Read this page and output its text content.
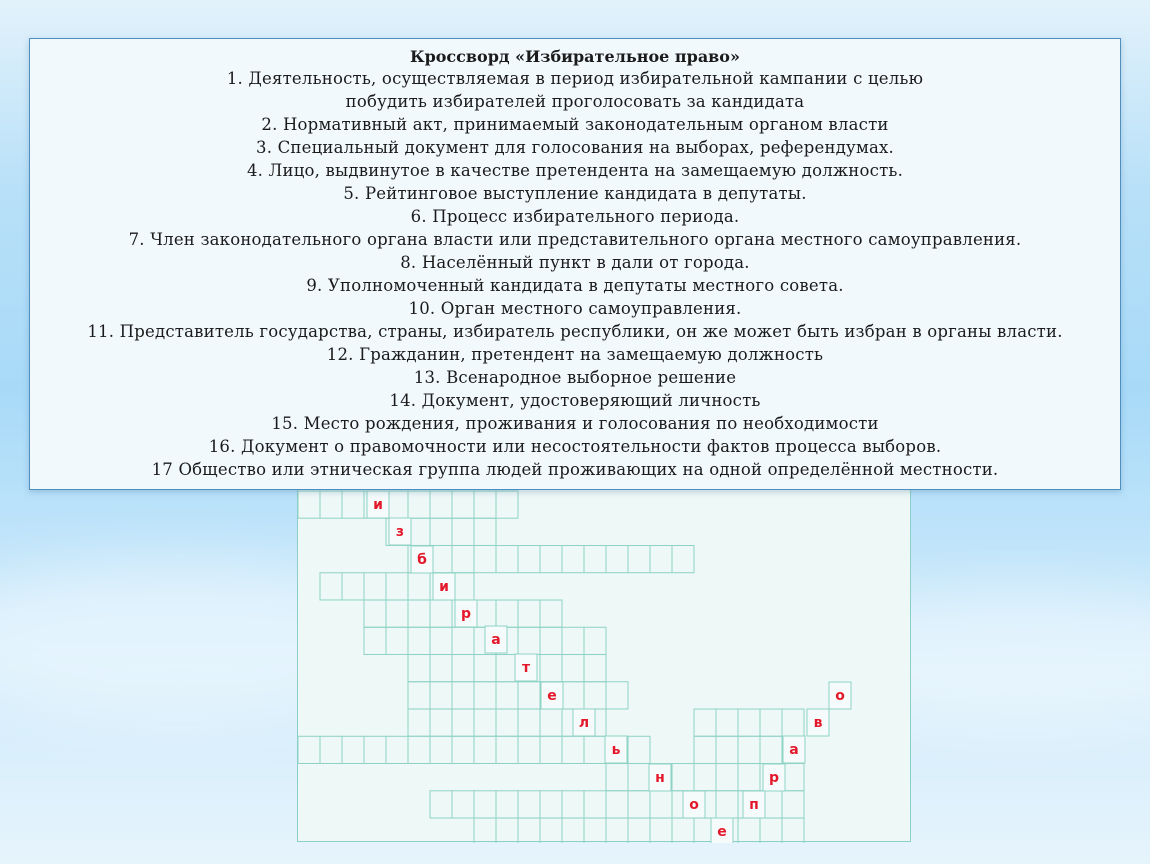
и
з
б
и
р
а
т
е
л
ь
н
о
е
п
р
а
в
о
Кроссворд «Избирательное право»
1. Деятельность, осуществляемая в период избирательной кампании с целью
побудить избирателей проголосовать за кандидата
2. Нормативный акт, принимаемый законодательным органом власти
3. Специальный документ для голосования на выборах, референдумах.
4. Лицо, выдвинутое в качестве претендента на замещаемую должность.
5. Рейтинговое выступление кандидата в депутаты.
6. Процесс избирательного периода.
7. Член законодательного органа власти или представительного органа местного самоуправления.
8. Населённый пункт в дали от города.
9. Уполномоченный кандидата в депутаты местного совета.
10. Орган местного самоуправления.
11. Представитель государства, страны, избиратель республики, он же может быть избран в органы власти.
12. Гражданин, претендент на замещаемую должность
13. Всенародное выборное решение
14. Документ, удостоверяющий личность
15. Место рождения, проживания и голосования по необходимости
16. Документ о правомочности или несостоятельности фактов процесса выборов.
17 Общество или этническая группа людей проживающих на одной определённой местности.
